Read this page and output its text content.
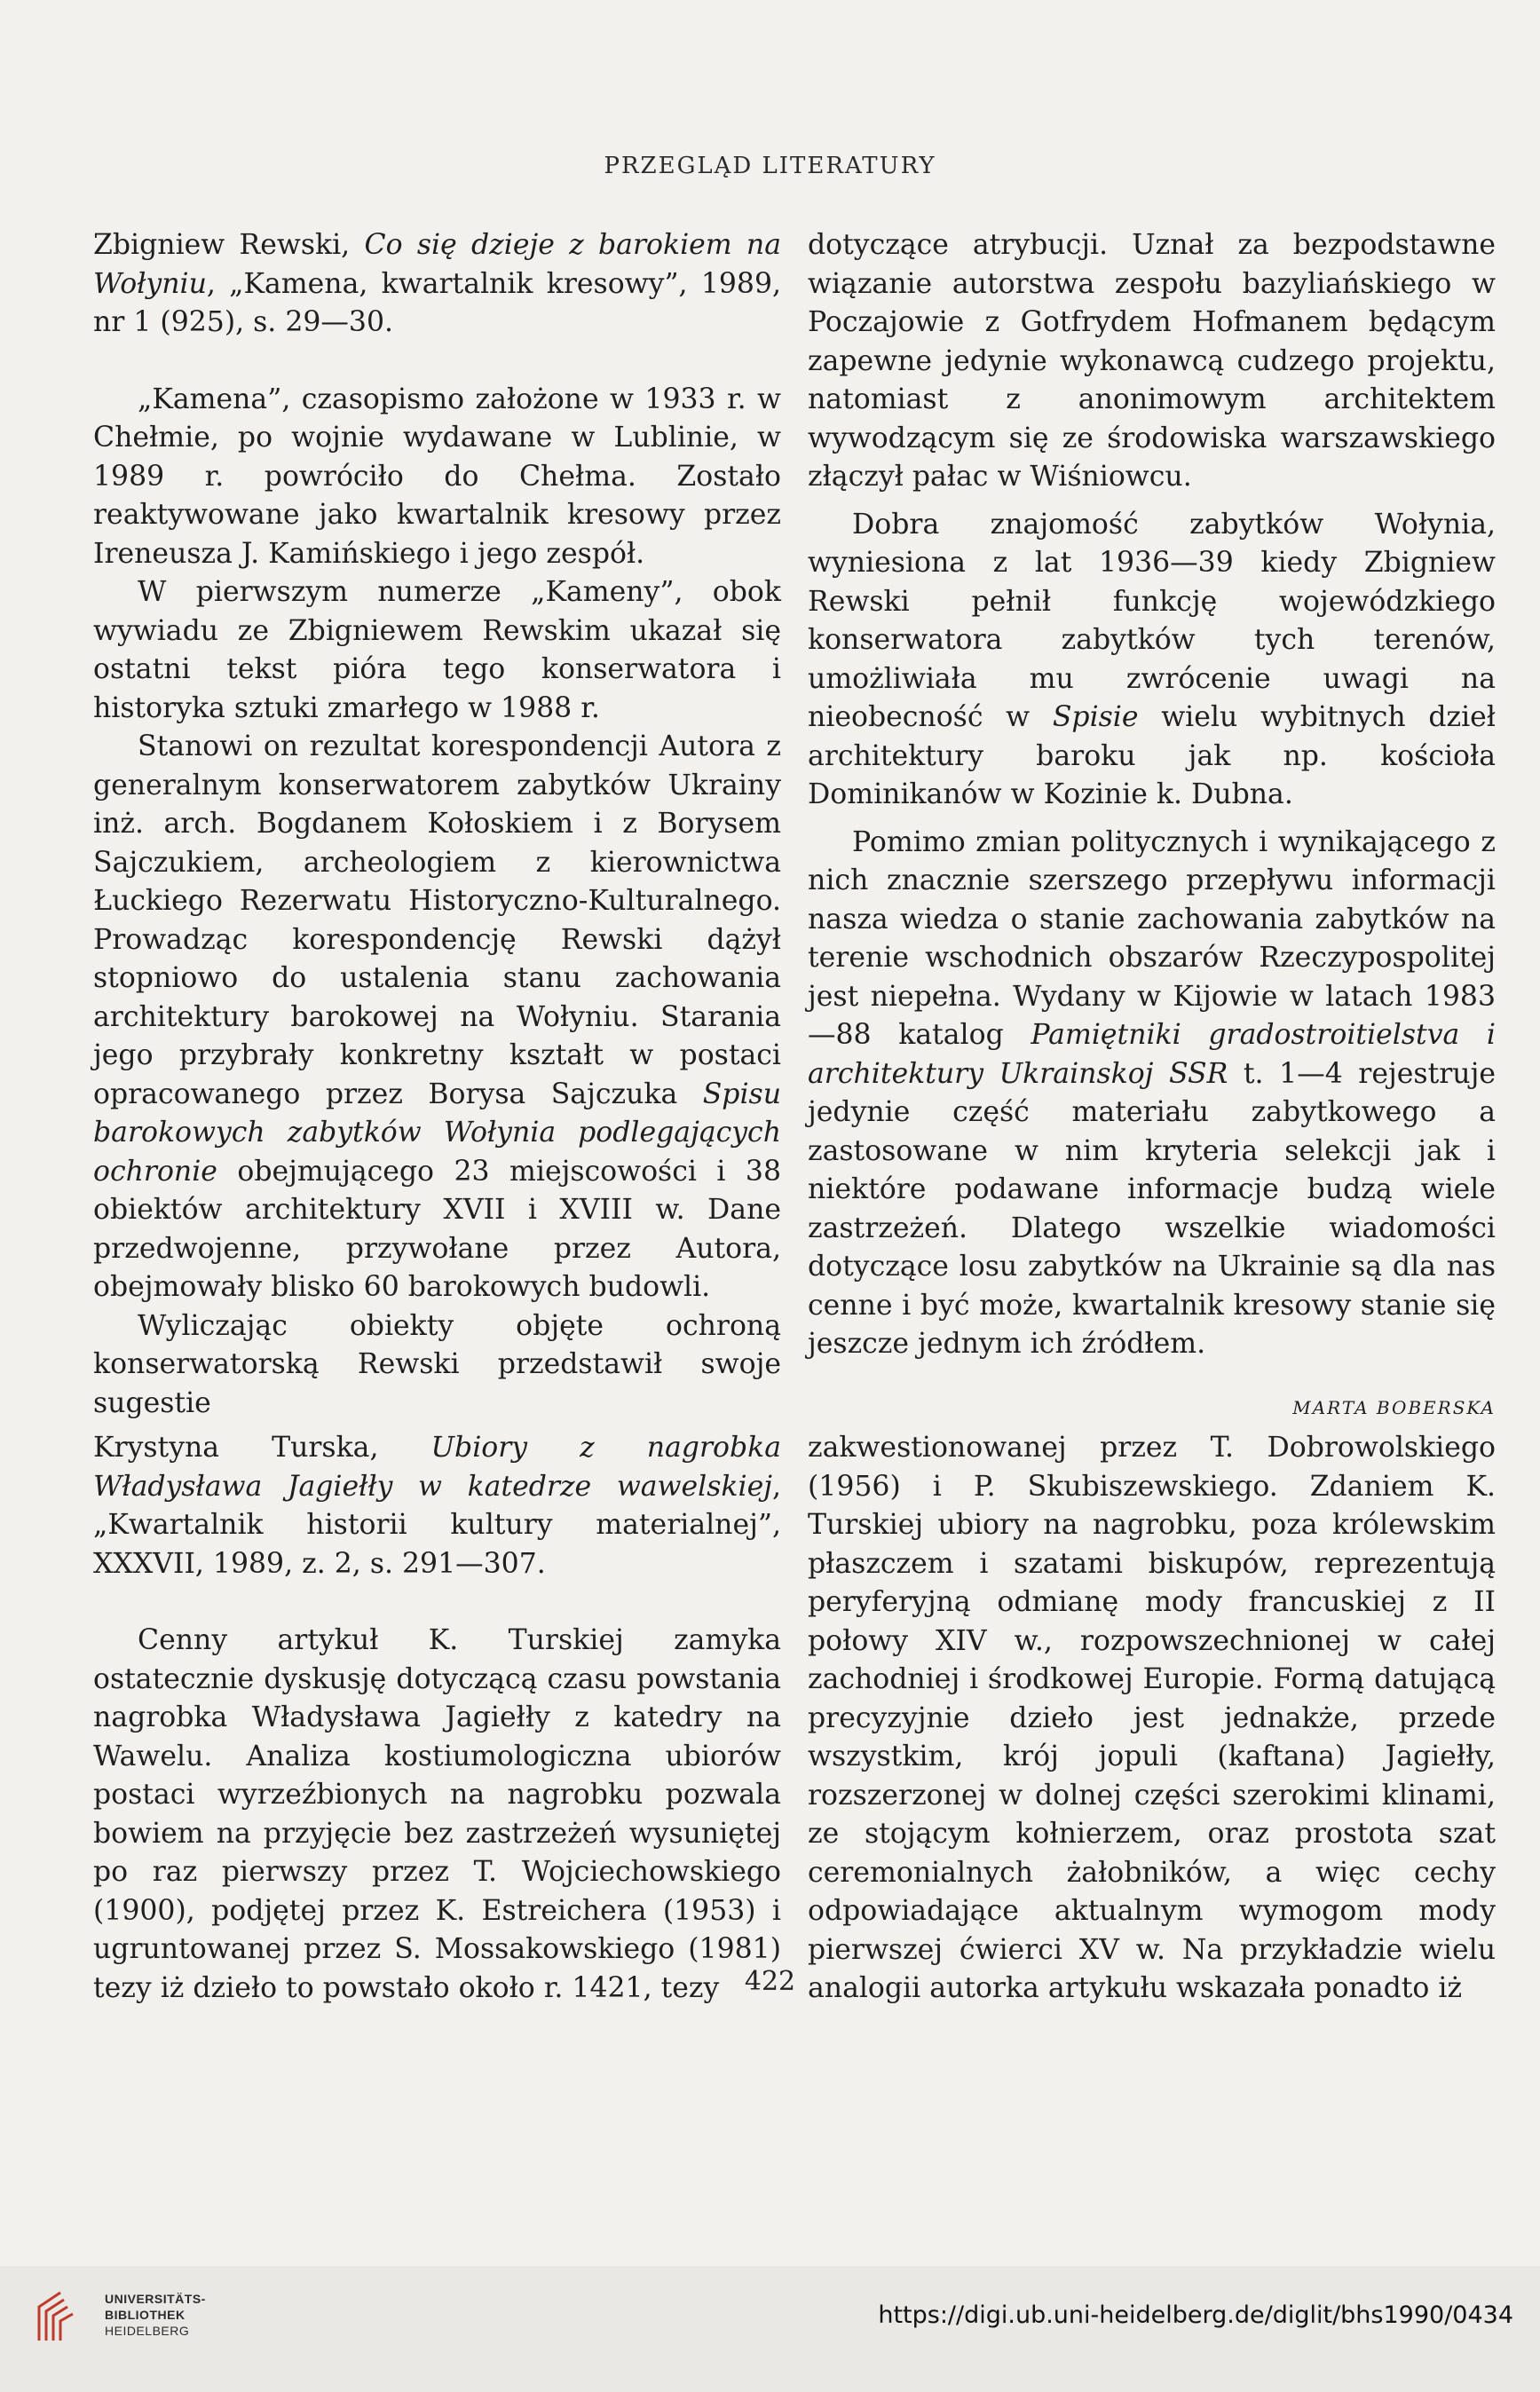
PRZEGLĄD LITERATURY

Zbigniew Rewski, Co się dzieje z barokiem na Wołyniu, „Kamena, kwartalnik kresowy”, 1989, nr 1 (925), s. 29—30.

„Kamena”, czasopismo założone w 1933 r. w Chełmie, po wojnie wydawane w Lublinie, w 1989 r. powróciło do Chełma. Zostało reaktywowane jako kwartalnik kresowy przez Ireneusza J. Kamińskiego i jego zespół.

W pierwszym numerze „Kameny”, obok wywiadu ze Zbigniewem Rewskim ukazał się ostatni tekst pióra tego konserwatora i historyka sztuki zmarłego w 1988 r.

Stanowi on rezultat korespondencji Autora z generalnym konserwatorem zabytków Ukrainy inż. arch. Bogdanem Kołoskiem i z Borysem Sajczukiem, archeologiem z kierownictwa Łuckiego Rezerwatu Historyczno-Kulturalnego. Prowadząc korespondencję Rewski dążył stopniowo do ustalenia stanu zachowania architektury barokowej na Wołyniu. Starania jego przybrały konkretny kształt w postaci opracowanego przez Borysa Sajczuka Spisu barokowych zabytków Wołynia podlegających ochronie obejmującego 23 miejscowości i 38 obiektów architektury XVII i XVIII w. Dane przedwojenne, przywołane przez Autora, obejmowały blisko 60 barokowych budowli.

Wyliczając obiekty objęte ochroną konserwatorską Rewski przedstawił swoje sugestie

dotyczące atrybucji. Uznał za bezpodstawne wiązanie autorstwa zespołu bazyliańskiego w Poczajowie z Gotfrydem Hofmanem będącym zapewne jedynie wykonawcą cudzego projektu, natomiast z anonimowym architektem wywodzącym się ze środowiska warszawskiego złączył pałac w Wiśniowcu.

Dobra znajomość zabytków Wołynia, wyniesiona z lat 1936—39 kiedy Zbigniew Rewski pełnił funkcję wojewódzkiego konserwatora zabytków tych terenów, umożliwiała mu zwrócenie uwagi na nieobecność w Spisie wielu wybitnych dzieł architektury baroku jak np. kościoła Dominikanów w Kozinie k. Dubna.

Pomimo zmian politycznych i wynikającego z nich znacznie szerszego przepływu informacji nasza wiedza o stanie zachowania zabytków na terenie wschodnich obszarów Rzeczypospolitej jest niepełna. Wydany w Kijowie w latach 1983—88 katalog Pamiętniki gradostroitielstva i architektury Ukrainskoj SSR t. 1—4 rejestruje jedynie część materiału zabytkowego a zastosowane w nim kryteria selekcji jak i niektóre podawane informacje budzą wiele zastrzeżeń. Dlatego wszelkie wiadomości dotyczące losu zabytków na Ukrainie są dla nas cenne i być może, kwartalnik kresowy stanie się jeszcze jednym ich źródłem.

MARTA BOBERSKA

Krystyna Turska, Ubiory z nagrobka Władysława Jagiełły w katedrze wawelskiej, „Kwartalnik historii kultury materialnej”, XXXVII, 1989, z. 2, s. 291—307.

Cenny artykuł K. Turskiej zamyka ostatecznie dyskusję dotyczącą czasu powstania nagrobka Władysława Jagiełły z katedry na Wawelu. Analiza kostiumologiczna ubiorów postaci wyrzeźbionych na nagrobku pozwala bowiem na przyjęcie bez zastrzeżeń wysuniętej po raz pierwszy przez T. Wojciechowskiego (1900), podjętej przez K. Estreichera (1953) i ugruntowanej przez S. Mossakowskiego (1981) tezy iż dzieło to powstało około r. 1421, tezy

zakwestionowanej przez T. Dobrowolskiego (1956) i P. Skubiszewskiego. Zdaniem K. Turskiej ubiory na nagrobku, poza królewskim płaszczem i szatami biskupów, reprezentują peryferyjną odmianę mody francuskiej z II połowy XIV w., rozpowszechnionej w całej zachodniej i środkowej Europie. Formą datującą precyzyjnie dzieło jest jednakże, przede wszystkim, krój jopuli (kaftana) Jagiełły, rozszerzonej w dolnej części szerokimi klinami, ze stojącym kołnierzem, oraz prostota szat ceremonialnych żałobników, a więc cechy odpowiadające aktualnym wymogom mody pierwszej ćwierci XV w. Na przykładzie wielu analogii autorka artykułu wskazała ponadto iż

422
UNIVERSITÄTS-
BIBLIOTHEK
HEIDELBERG
https://digi.ub.uni-heidelberg.de/diglit/bhs1990/0434
